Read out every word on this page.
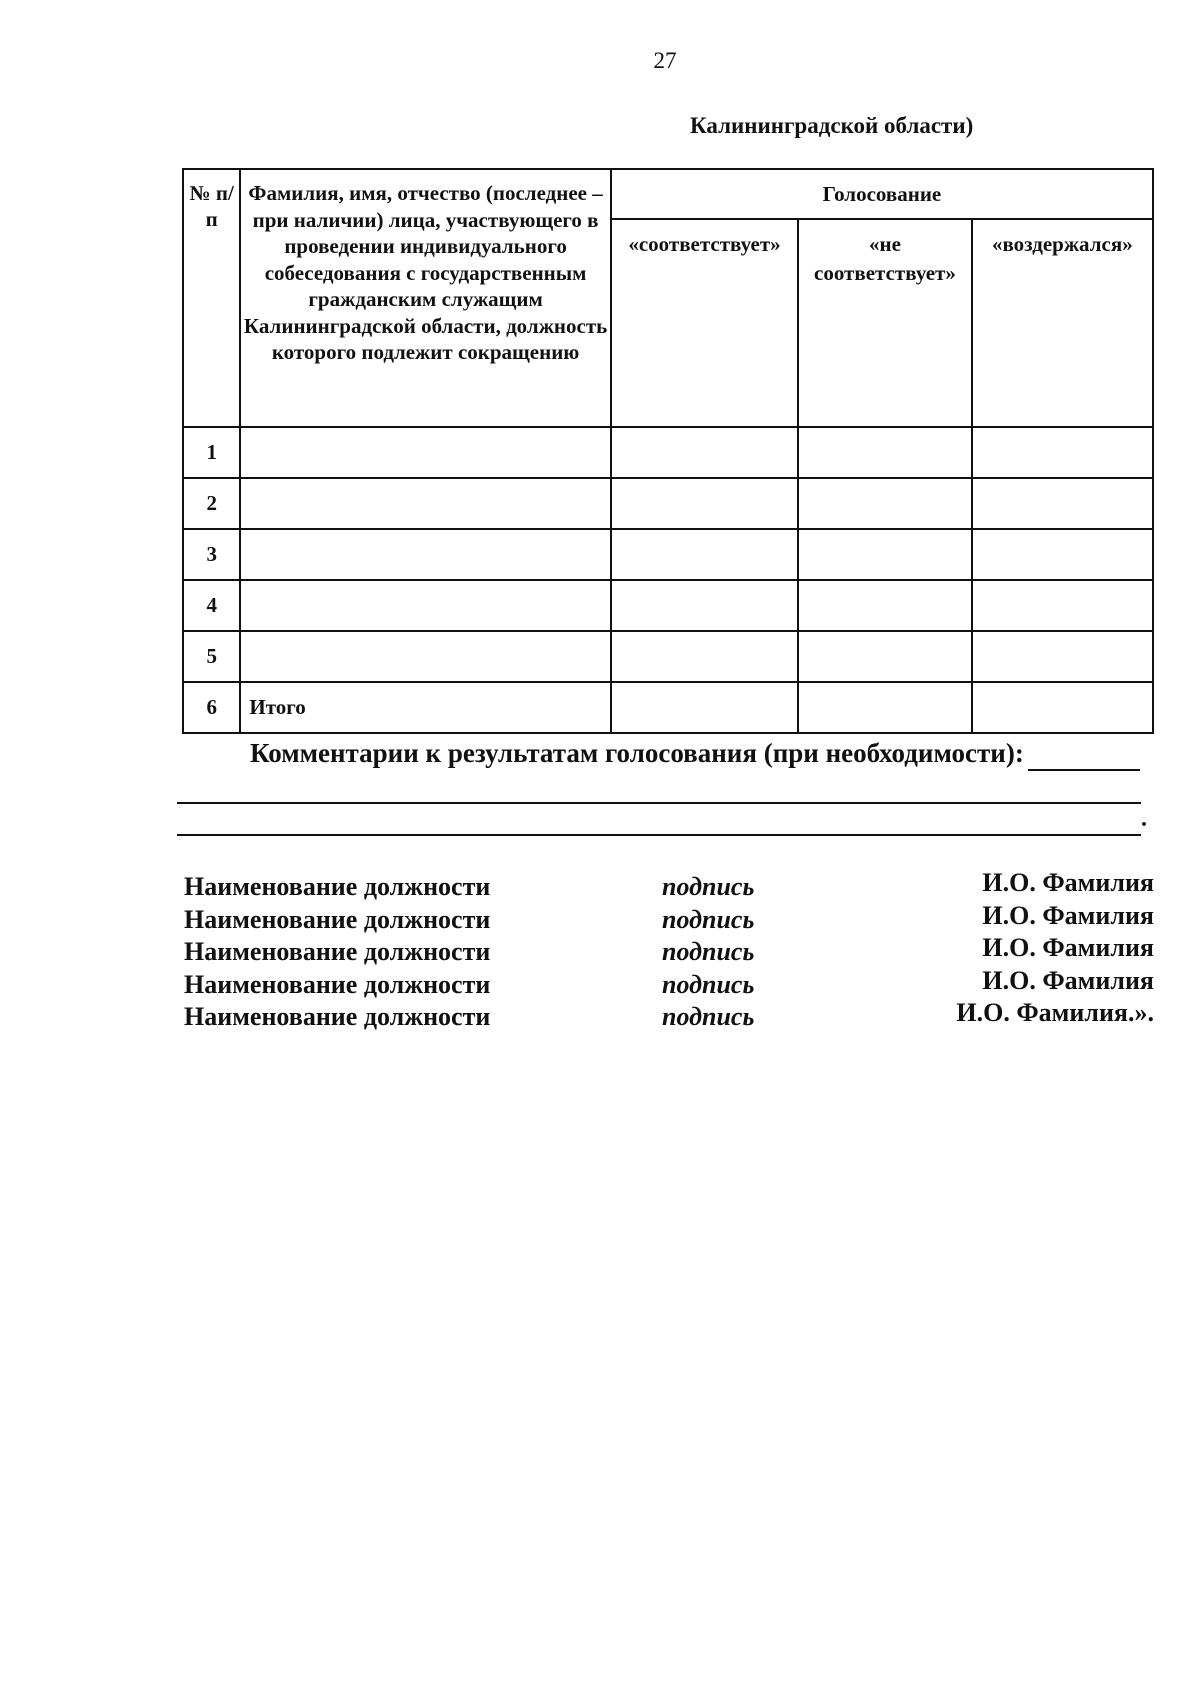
27
Калининградской области)
№ п/п	Фамилия, имя, отчество (последнее – при наличии) лица, участвующего в проведении индивидуального собеседования с государственным гражданским служащим Калининградской области, должность которого подлежит сокращению	Голосование		
		«соответствует»	«не соответствует»	«воздержался»
1				
2				
3				
4				
5				
6	Итого			
Комментарии к результатам голосования (при необходимости):
.
Наименование должности	подпись	И.О. Фамилия
Наименование должности	подпись	И.О. Фамилия
Наименование должности	подпись	И.О. Фамилия
Наименование должности	подпись	И.О. Фамилия
Наименование должности	подпись	И.О. Фамилия.».
